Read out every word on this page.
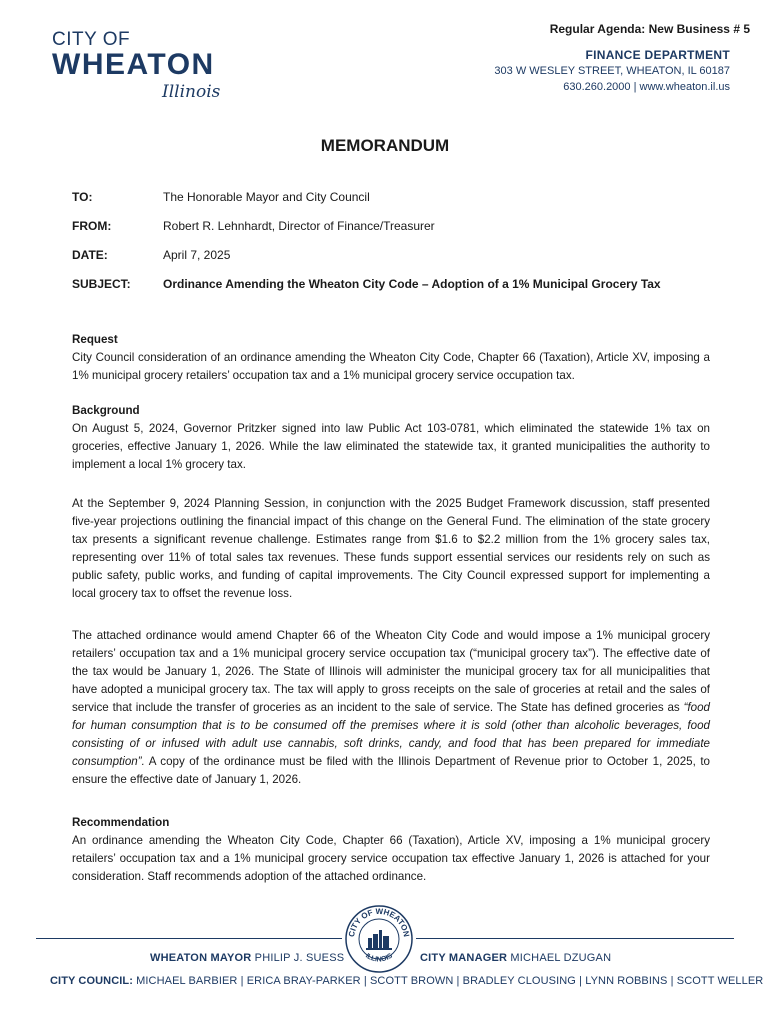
Regular Agenda: New Business # 5
CITY OF
WHEATON
Illinois
FINANCE DEPARTMENT
303 W WESLEY STREET, WHEATON, IL 60187
630.260.2000 | www.wheaton.il.us
MEMORANDUM
TO:	The Honorable Mayor and City Council
FROM:	Robert R. Lehnhardt, Director of Finance/Treasurer
DATE:	April 7, 2025
SUBJECT:	Ordinance Amending the Wheaton City Code – Adoption of a 1% Municipal Grocery Tax

Request

City Council consideration of an ordinance amending the Wheaton City Code, Chapter 66 (Taxation), Article XV, imposing a 1% municipal grocery retailers’ occupation tax and a 1% municipal grocery service occupation tax.

Background

On August 5, 2024, Governor Pritzker signed into law Public Act 103-0781, which eliminated the statewide 1% tax on groceries, effective January 1, 2026. While the law eliminated the statewide tax, it granted municipalities the authority to implement a local 1% grocery tax.

At the September 9, 2024 Planning Session, in conjunction with the 2025 Budget Framework discussion, staff presented five-year projections outlining the financial impact of this change on the General Fund. The elimination of the state grocery tax presents a significant revenue challenge. Estimates range from $1.6 to $2.2 million from the 1% grocery sales tax, representing over 11% of total sales tax revenues. These funds support essential services our residents rely on such as public safety, public works, and funding of capital improvements. The City Council expressed support for implementing a local grocery tax to offset the revenue loss.

The attached ordinance would amend Chapter 66 of the Wheaton City Code and would impose a 1% municipal grocery retailers’ occupation tax and a 1% municipal grocery service occupation tax (“municipal grocery tax”). The effective date of the tax would be January 1, 2026. The State of Illinois will administer the municipal grocery tax for all municipalities that have adopted a municipal grocery tax. The tax will apply to gross receipts on the sale of groceries at retail and the sales of service that include the transfer of groceries as an incident to the sale of service. The State has defined groceries as “food for human consumption that is to be consumed off the premises where it is sold (other than alcoholic beverages, food consisting of or infused with adult use cannabis, soft drinks, candy, and food that has been prepared for immediate consumption”. A copy of the ordinance must be filed with the Illinois Department of Revenue prior to October 1, 2025, to ensure the effective date of January 1, 2026.

Recommendation

An ordinance amending the Wheaton City Code, Chapter 66 (Taxation), Article XV, imposing a 1% municipal grocery retailers’ occupation tax and a 1% municipal grocery service occupation tax effective January 1, 2026 is attached for your consideration. Staff recommends adoption of the attached ordinance.

CITY OF WHEATON
ILLINOIS
WHEATON MAYOR PHILIP J. SUESS	CITY MANAGER MICHAEL DZUGAN
CITY COUNCIL: MICHAEL BARBIER | ERICA BRAY-PARKER | SCOTT BROWN | BRADLEY CLOUSING | LYNN ROBBINS | SCOTT WELLER
